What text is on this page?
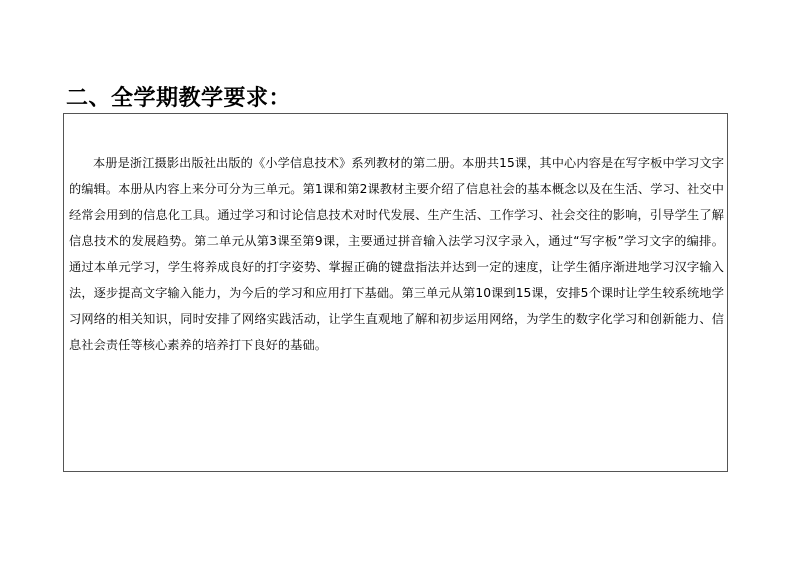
二、全学期教学要求：

本册是浙江摄影出版社出版的《小学信息技术》系列教材的第二册。本册共15课，其中心内容是在写字板中学习文字的编辑。本册从内容上来分可分为三单元。第1课和第2课教材主要介绍了信息社会的基本概念以及在生活、学习、社交中经常会用到的信息化工具。通过学习和讨论信息技术对时代发展、生产生活、工作学习、社会交往的影响，引导学生了解信息技术的发展趋势。第二单元从第3课至第9课，主要通过拼音输入法学习汉字录入，通过“写字板”学习文字的编排。通过本单元学习，学生将养成良好的打字姿势、掌握正确的键盘指法并达到一定的速度，让学生循序渐进地学习汉字输入法，逐步提高文字输入能力，为今后的学习和应用打下基础。第三单元从第10课到15课，安排5个课时让学生较系统地学习网络的相关知识，同时安排了网络实践活动，让学生直观地了解和初步运用网络，为学生的数字化学习和创新能力、信息社会责任等核心素养的培养打下良好的基础。
